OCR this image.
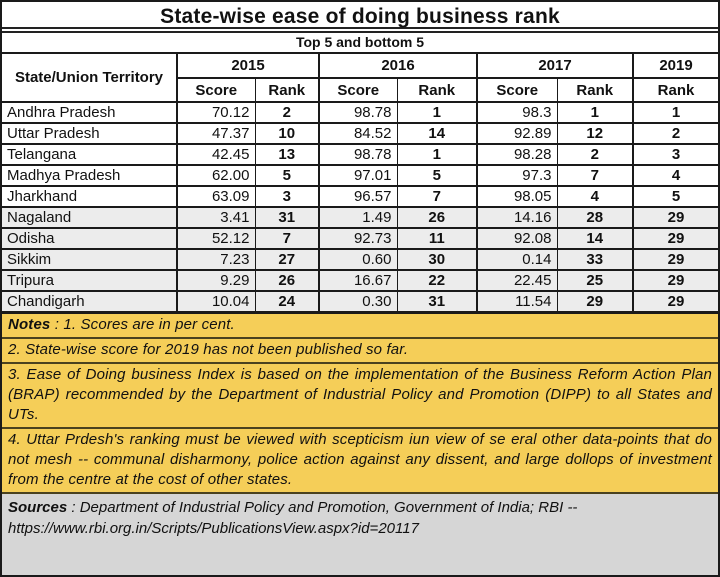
State-wise ease of doing business rank
Top 5 and bottom 5
State/Union Territory	2015		2016		2017		2019
	Score	Rank	Score	Rank	Score	Rank	Rank
Andhra Pradesh	70.12	2	98.78	1	98.3	1	1
Uttar Pradesh	47.37	10	84.52	14	92.89	12	2
Telangana	42.45	13	98.78	1	98.28	2	3
Madhya Pradesh	62.00	5	97.01	5	97.3	7	4
Jharkhand	63.09	3	96.57	7	98.05	4	5
Nagaland	3.41	31	1.49	26	14.16	28	29
Odisha	52.12	7	92.73	11	92.08	14	29
Sikkim	7.23	27	0.60	30	0.14	33	29
Tripura	9.29	26	16.67	22	22.45	25	29
Chandigarh	10.04	24	0.30	31	11.54	29	29
Notes : 1. Scores are in per cent.
2. State-wise score for 2019 has not been published so far.
3. Ease of Doing business Index is based on the implementation of the Business Reform Action Plan (BRAP) recommended by the Department of Industrial Policy and Promotion (DIPP) to all States and UTs.
4. Uttar Prdesh's ranking must be viewed with scepticism iun view of se eral other data-points that do not mesh -- communal disharmony, police action against any dissent, and large dollops of investment from the centre at the cost of other states.
Sources : Department of Industrial Policy and Promotion, Government of India; RBI --
https://www.rbi.org.in/Scripts/PublicationsView.aspx?id=20117
